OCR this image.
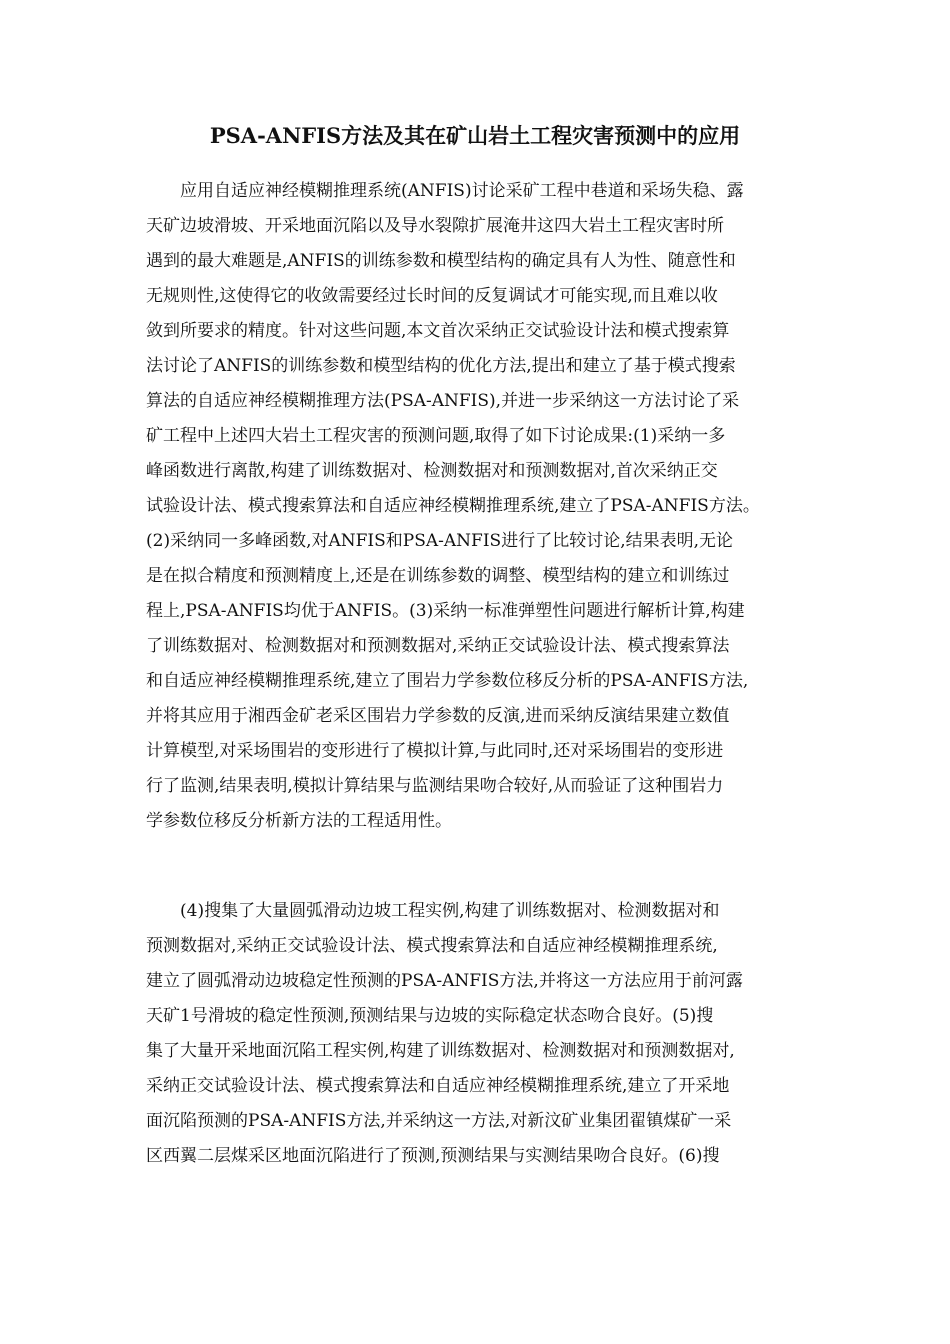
PSA-ANFIS方法及其在矿山岩土工程灾害预测中的应用
应用自适应神经模糊推理系统(ANFIS)讨论采矿工程中巷道和采场失稳、露
天矿边坡滑坡、开采地面沉陷以及导水裂隙扩展淹井这四大岩土工程灾害时所
遇到的最大难题是,ANFIS的训练参数和模型结构的确定具有人为性、随意性和
无规则性,这使得它的收敛需要经过长时间的反复调试才可能实现,而且难以收
敛到所要求的精度。针对这些问题,本文首次采纳正交试验设计法和模式搜索算
法讨论了ANFIS的训练参数和模型结构的优化方法,提出和建立了基于模式搜索
算法的自适应神经模糊推理方法(PSA-ANFIS),并进一步采纳这一方法讨论了采
矿工程中上述四大岩土工程灾害的预测问题,取得了如下讨论成果:(1)采纳一多
峰函数进行离散,构建了训练数据对、检测数据对和预测数据对,首次采纳正交
试验设计法、模式搜索算法和自适应神经模糊推理系统,建立了PSA-ANFIS方法。
(2)采纳同一多峰函数,对ANFIS和PSA-ANFIS进行了比较讨论,结果表明,无论
是在拟合精度和预测精度上,还是在训练参数的调整、模型结构的建立和训练过
程上,PSA-ANFIS均优于ANFIS。(3)采纳一标准弹塑性问题进行解析计算,构建
了训练数据对、检测数据对和预测数据对,采纳正交试验设计法、模式搜索算法
和自适应神经模糊推理系统,建立了围岩力学参数位移反分析的PSA-ANFIS方法,
并将其应用于湘西金矿老采区围岩力学参数的反演,进而采纳反演结果建立数值
计算模型,对采场围岩的变形进行了模拟计算,与此同时,还对采场围岩的变形进
行了监测,结果表明,模拟计算结果与监测结果吻合较好,从而验证了这种围岩力
学参数位移反分析新方法的工程适用性。
(4)搜集了大量圆弧滑动边坡工程实例,构建了训练数据对、检测数据对和
预测数据对,采纳正交试验设计法、模式搜索算法和自适应神经模糊推理系统,
建立了圆弧滑动边坡稳定性预测的PSA-ANFIS方法,并将这一方法应用于前河露
天矿1号滑坡的稳定性预测,预测结果与边坡的实际稳定状态吻合良好。(5)搜
集了大量开采地面沉陷工程实例,构建了训练数据对、检测数据对和预测数据对,
采纳正交试验设计法、模式搜索算法和自适应神经模糊推理系统,建立了开采地
面沉陷预测的PSA-ANFIS方法,并采纳这一方法,对新汶矿业集团翟镇煤矿一采
区西翼二层煤采区地面沉陷进行了预测,预测结果与实测结果吻合良好。(6)搜
